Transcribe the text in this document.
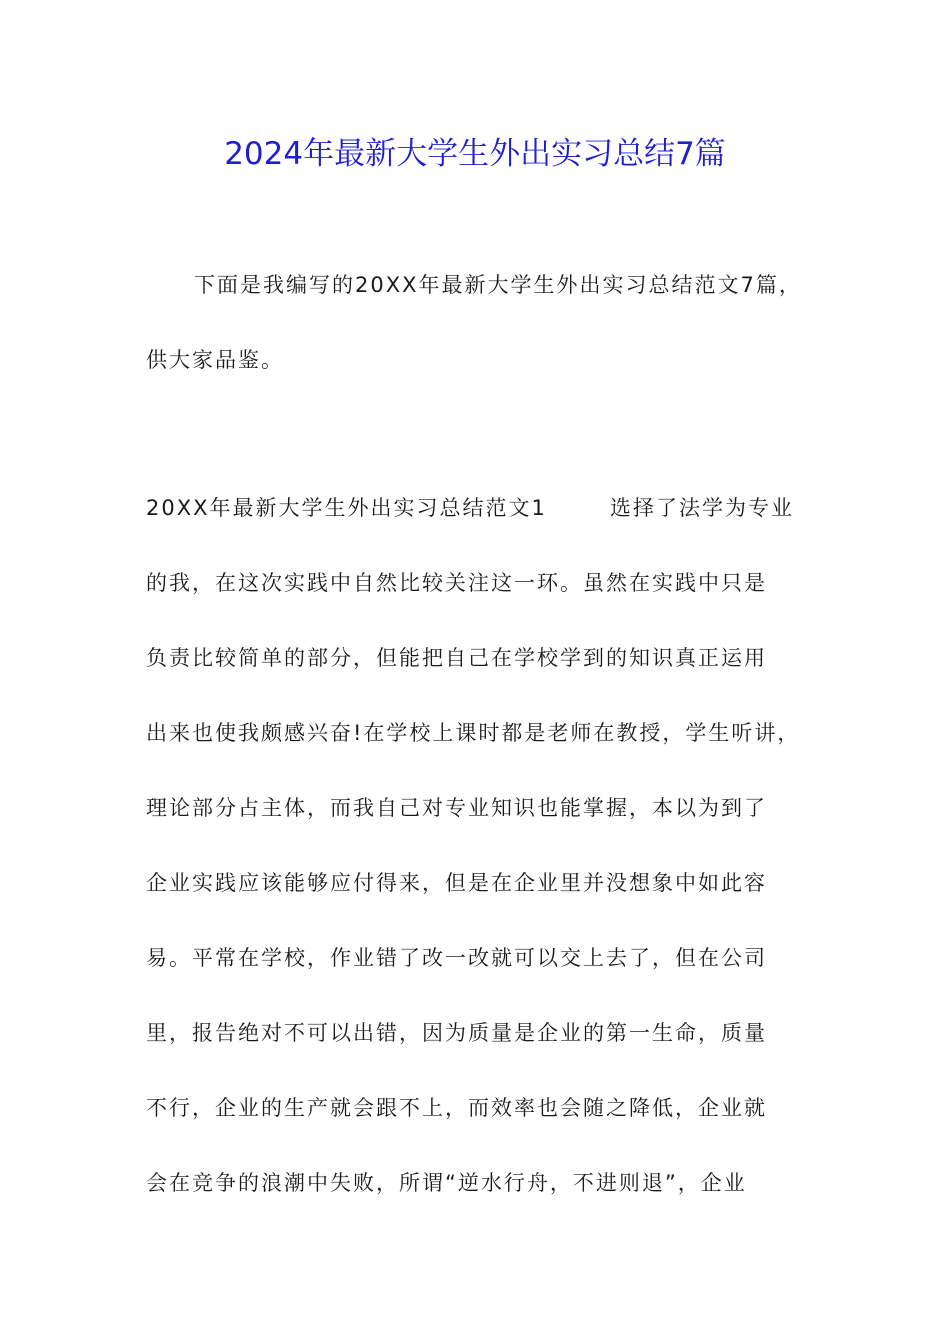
2024年最新大学生外出实习总结7篇
下面是我编写的20XX年最新大学生外出实习总结范文7篇，
供大家品鉴。
20XX年最新大学生外出实习总结范文1	选择了法学为专业
的我，在这次实践中自然比较关注这一环。虽然在实践中只是
负责比较简单的部分，但能把自己在学校学到的知识真正运用
出来也使我颇感兴奋!在学校上课时都是老师在教授，学生听讲，
理论部分占主体，而我自己对专业知识也能掌握，本以为到了
企业实践应该能够应付得来，但是在企业里并没想象中如此容
易。平常在学校，作业错了改一改就可以交上去了，但在公司
里，报告绝对不可以出错，因为质量是企业的第一生命，质量
不行，企业的生产就会跟不上，而效率也会随之降低，企业就
会在竞争的浪潮中失败，所谓“逆水行舟，不进则退”，企业
